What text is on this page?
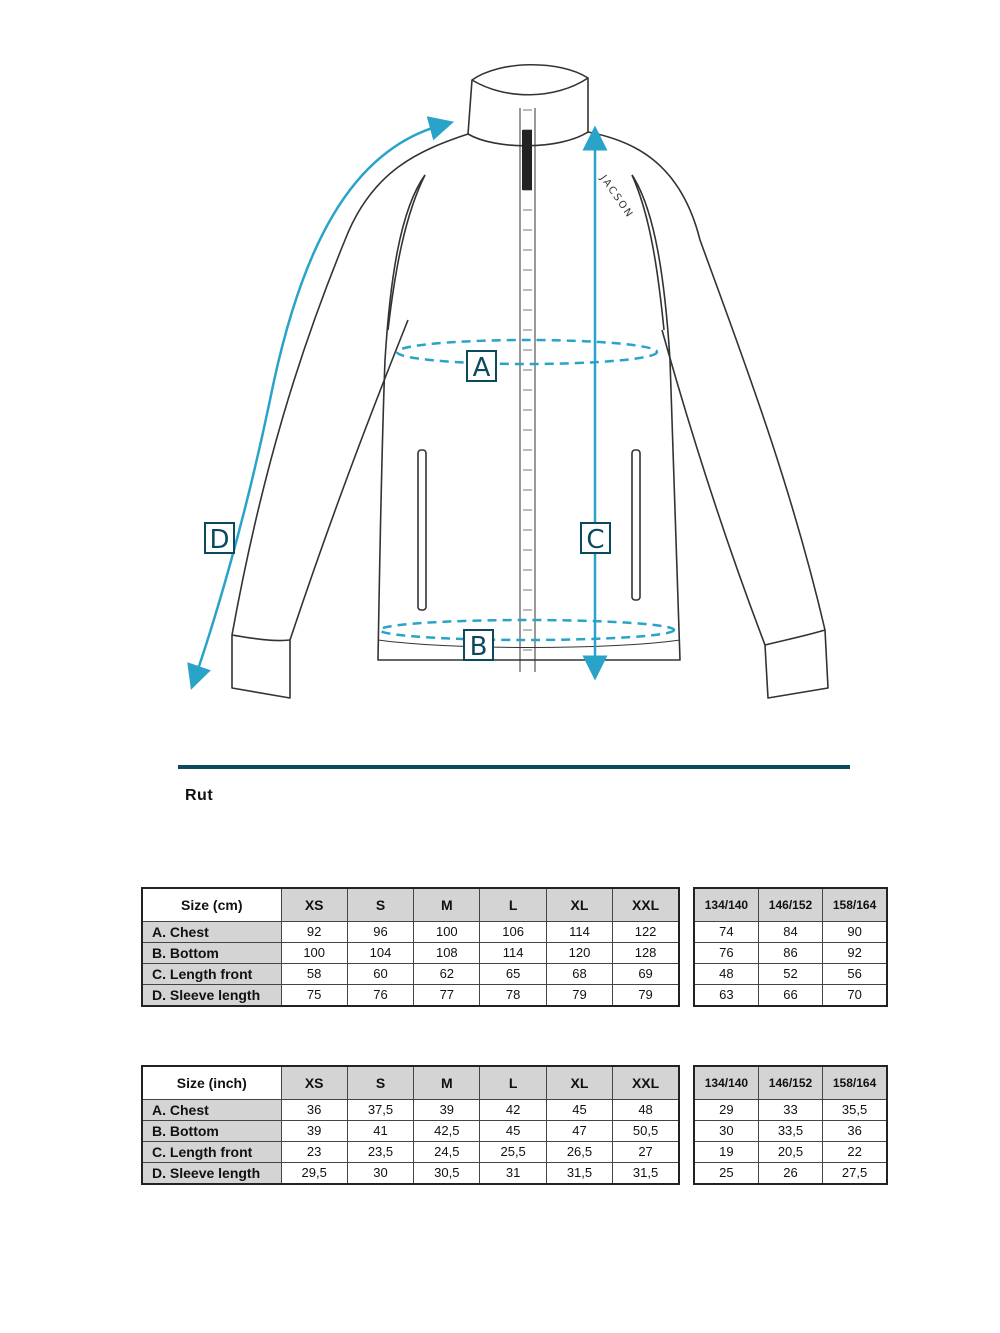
JACSON
A
B
C
D
Rut
Size (cm)	XS	S	M	L	XL	XXL
A. Chest	92	96	100	106	114	122
B. Bottom	100	104	108	114	120	128
C. Length front	58	60	62	65	68	69
D. Sleeve length	75	76	77	78	79	79
134/140	146/152	158/164
74	84	90
76	86	92
48	52	56
63	66	70
Size (inch)	XS	S	M	L	XL	XXL
A. Chest	36	37,5	39	42	45	48
B. Bottom	39	41	42,5	45	47	50,5
C. Length front	23	23,5	24,5	25,5	26,5	27
D. Sleeve length	29,5	30	30,5	31	31,5	31,5
134/140	146/152	158/164
29	33	35,5
30	33,5	36
19	20,5	22
25	26	27,5
